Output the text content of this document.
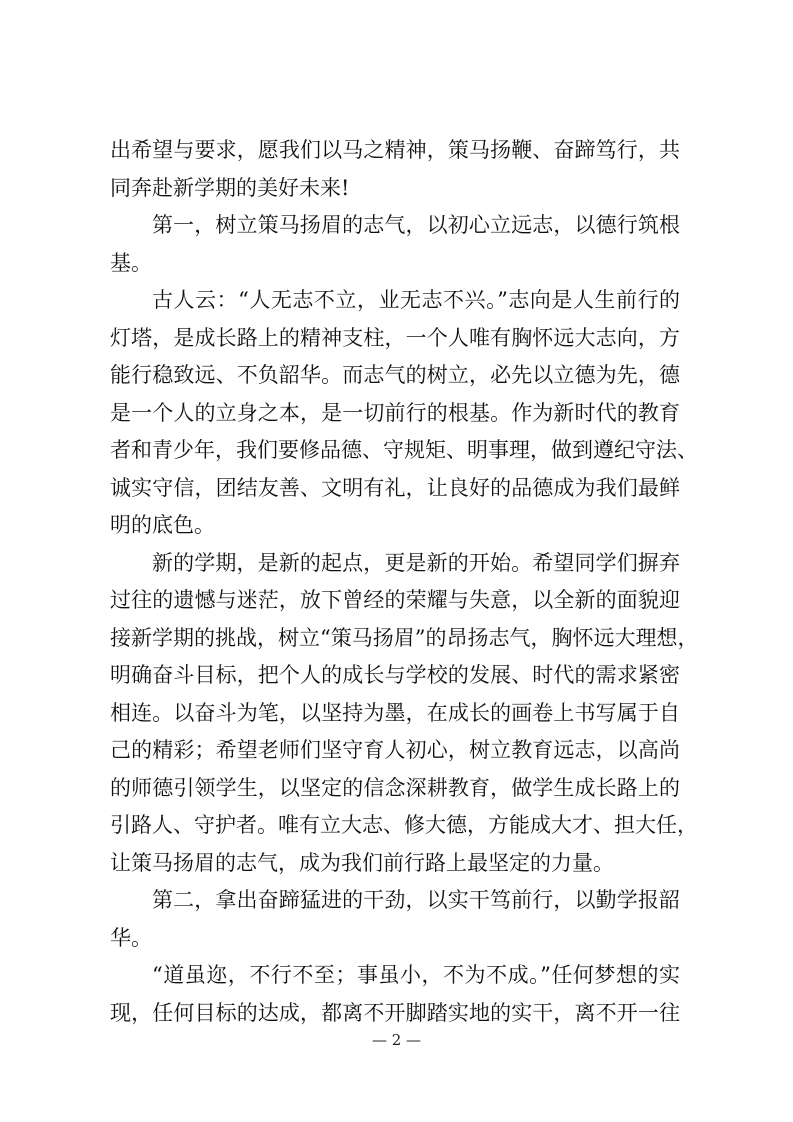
出希望与要求，愿我们以马之精神，策马扬鞭、奋蹄笃行，共
同奔赴新学期的美好未来!
第一，树立策马扬眉的志气，以初心立远志，以德行筑根
基。
古人云：“人无志不立，业无志不兴。”志向是人生前行的
灯塔，是成长路上的精神支柱，一个人唯有胸怀远大志向，方
能行稳致远、不负韶华。而志气的树立，必先以立德为先，德
是一个人的立身之本，是一切前行的根基。作为新时代的教育
者和青少年，我们要修品德、守规矩、明事理，做到遵纪守法、
诚实守信，团结友善、文明有礼，让良好的品德成为我们最鲜
明的底色。
新的学期，是新的起点，更是新的开始。希望同学们摒弃
过往的遗憾与迷茫，放下曾经的荣耀与失意，以全新的面貌迎
接新学期的挑战，树立“策马扬眉”的昂扬志气，胸怀远大理想，
明确奋斗目标，把个人的成长与学校的发展、时代的需求紧密
相连。以奋斗为笔，以坚持为墨，在成长的画卷上书写属于自
己的精彩；希望老师们坚守育人初心，树立教育远志，以高尚
的师德引领学生，以坚定的信念深耕教育，做学生成长路上的
引路人、守护者。唯有立大志、修大德，方能成大才、担大任，
让策马扬眉的志气，成为我们前行路上最坚定的力量。
第二，拿出奋蹄猛进的干劲，以实干笃前行，以勤学报韶
华。
“道虽迩，不行不至；事虽小，不为不成。”任何梦想的实
现，任何目标的达成，都离不开脚踏实地的实干，离不开一往
— 2 —
